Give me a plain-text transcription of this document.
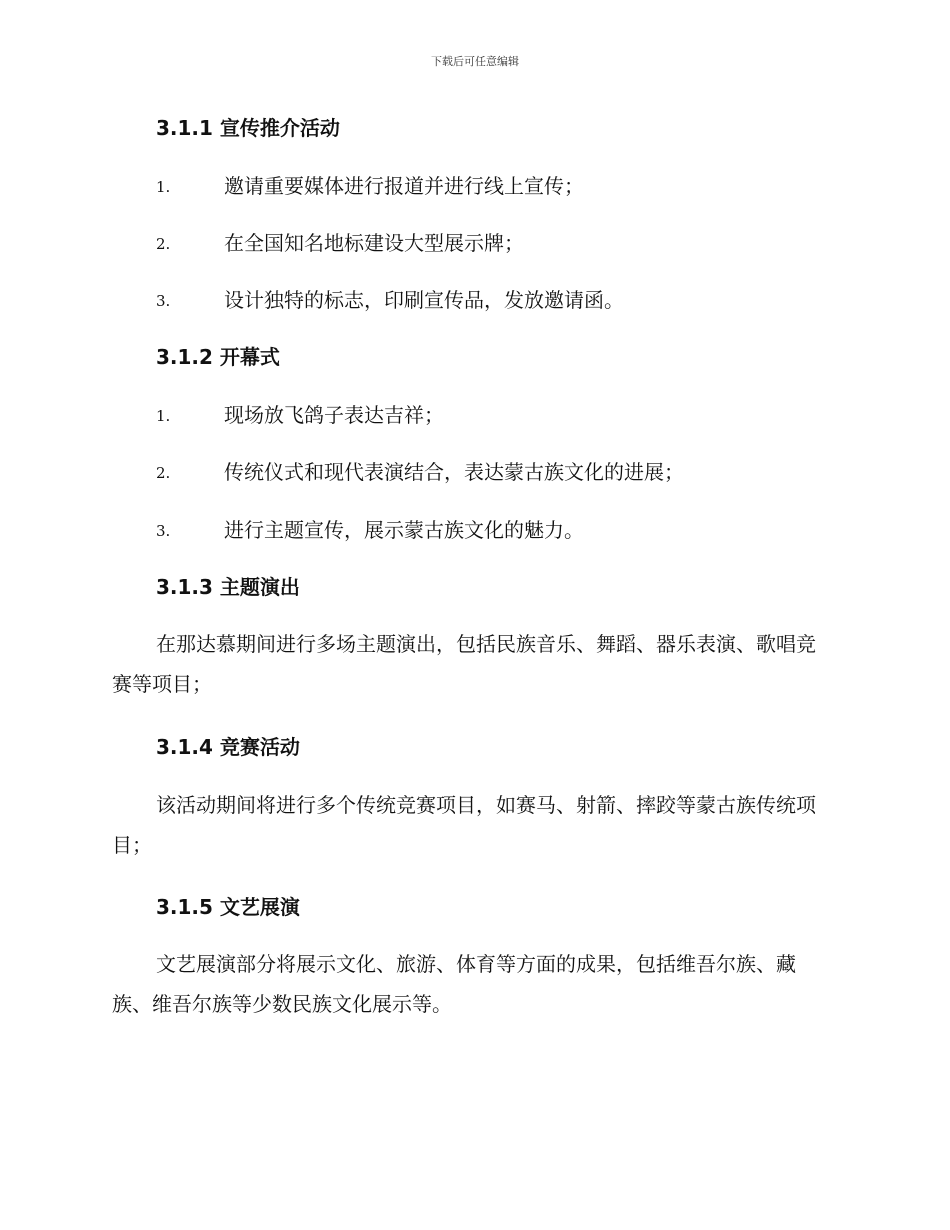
下载后可任意编辑
3.1.1 宣传推介活动
1.	邀请重要媒体进行报道并进行线上宣传；
2.	在全国知名地标建设大型展示牌；
3.	设计独特的标志，印刷宣传品，发放邀请函。
3.1.2 开幕式
1.	现场放飞鸽子表达吉祥；
2.	传统仪式和现代表演结合，表达蒙古族文化的进展；
3.	进行主题宣传，展示蒙古族文化的魅力。
3.1.3 主题演出

在那达慕期间进行多场主题演出，包括民族音乐、舞蹈、器乐表演、歌唱竞赛等项目；

3.1.4 竞赛活动

该活动期间将进行多个传统竞赛项目，如赛马、射箭、摔跤等蒙古族传统项目；

3.1.5 文艺展演

文艺展演部分将展示文化、旅游、体育等方面的成果，包括维吾尔族、藏族、维吾尔族等少数民族文化展示等。
